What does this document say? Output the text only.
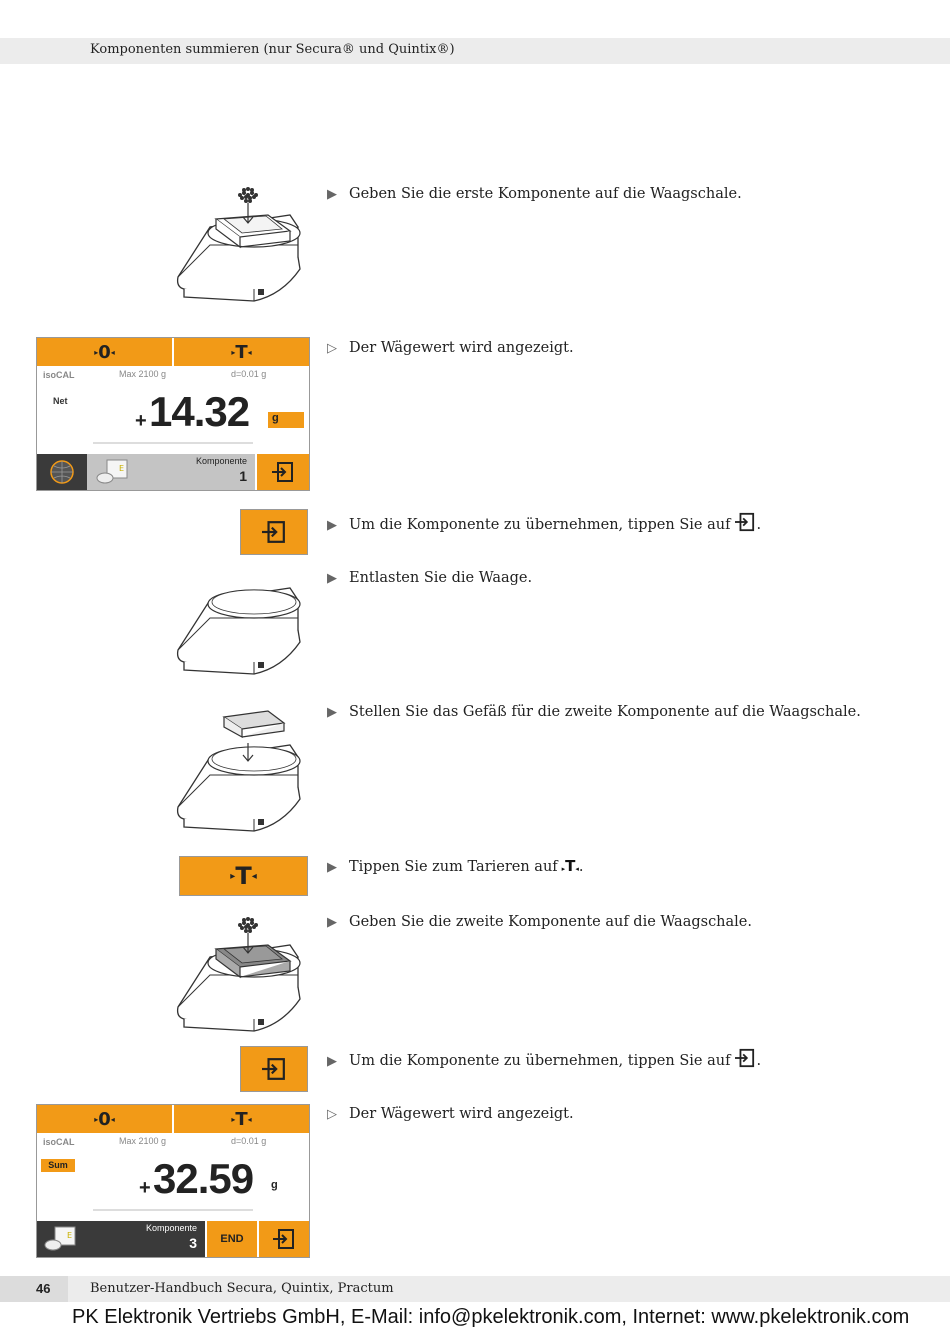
Komponenten summieren (nur Secura® und Quintix®)
▶ Geben Sie die erste Komponente auf die Waagschale.
▸ 0 ◂	▸ T ◂
isoCAL	Max 2100 g	d=0.01 g
Net
+ 14.32	g
E
Komponente
1
▷ Der Wägewert wird angezeigt.
▶ Um die Komponente zu übernehmen, tippen Sie auf .
▶ Entlasten Sie die Waage.
▶ Stellen Sie das Gefäß für die zweite Komponente auf die Waagschale.
▸ T ◂
▶ Tippen Sie zum Tarieren auf ▸T◂.
▶ Geben Sie die zweite Komponente auf die Waagschale.
▶ Um die Komponente zu übernehmen, tippen Sie auf .
▸ 0 ◂	▸ T ◂
isoCAL	Max 2100 g	d=0.01 g
Sum
+ 32.59 g
E
Komponente
3	END
▷ Der Wägewert wird angezeigt.
46	Benutzer-Handbuch Secura, Quintix, Practum
PK Elektronik Vertriebs GmbH, E-Mail: info@pkelektronik.com, Internet: www.pkelektronik.com
